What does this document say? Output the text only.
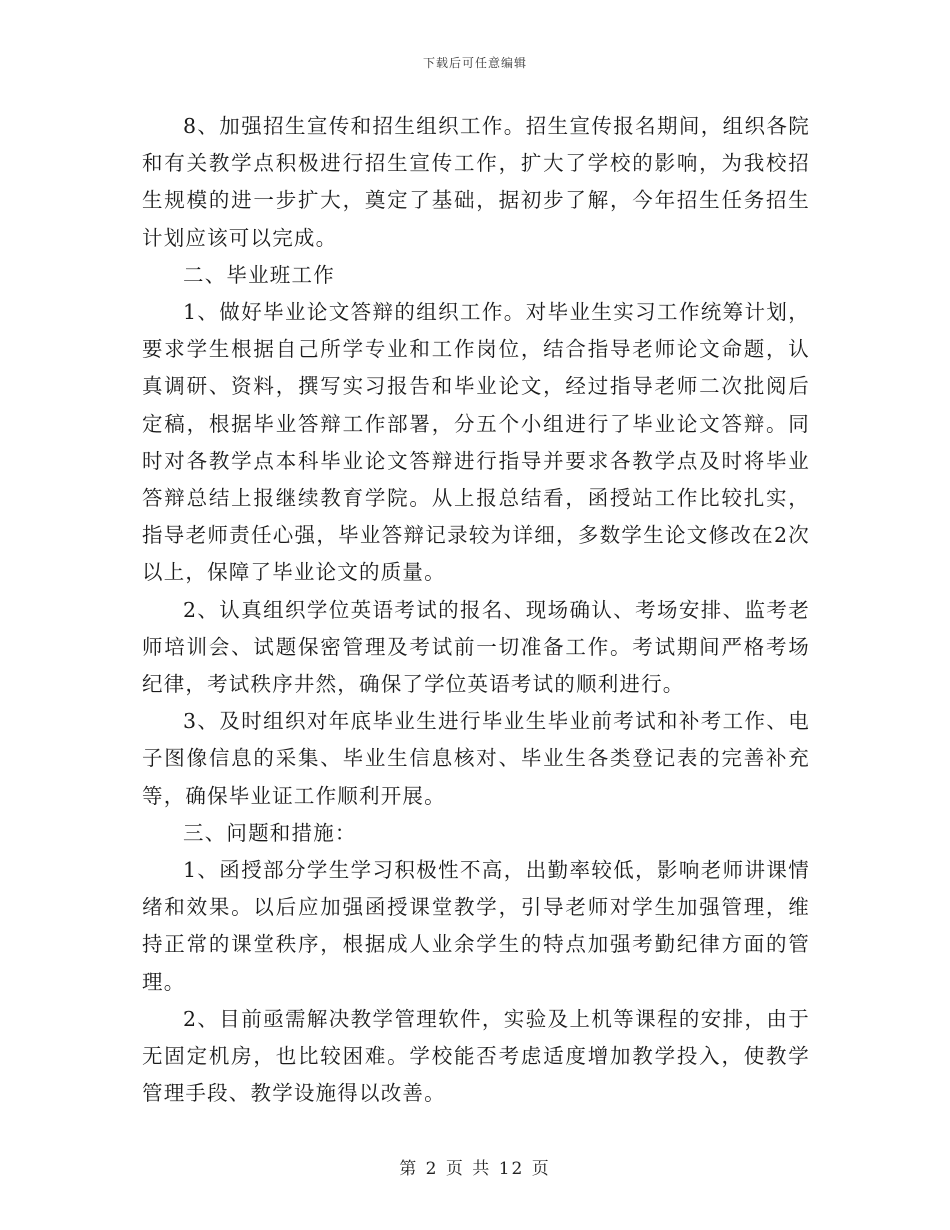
下载后可任意编辑

8、加强招生宣传和招生组织工作。招生宣传报名期间，组织各院和有关教学点积极进行招生宣传工作，扩大了学校的影响，为我校招生规模的进一步扩大，奠定了基础，据初步了解，今年招生任务招生计划应该可以完成。

二、毕业班工作

1、做好毕业论文答辩的组织工作。对毕业生实习工作统筹计划，要求学生根据自己所学专业和工作岗位，结合指导老师论文命题，认真调研、资料，撰写实习报告和毕业论文，经过指导老师二次批阅后定稿，根据毕业答辩工作部署，分五个小组进行了毕业论文答辩。同时对各教学点本科毕业论文答辩进行指导并要求各教学点及时将毕业答辩总结上报继续教育学院。从上报总结看，函授站工作比较扎实，指导老师责任心强，毕业答辩记录较为详细，多数学生论文修改在2次以上，保障了毕业论文的质量。

2、认真组织学位英语考试的报名、现场确认、考场安排、监考老师培训会、试题保密管理及考试前一切准备工作。考试期间严格考场纪律，考试秩序井然，确保了学位英语考试的顺利进行。

3、及时组织对年底毕业生进行毕业生毕业前考试和补考工作、电子图像信息的采集、毕业生信息核对、毕业生各类登记表的完善补充等，确保毕业证工作顺利开展。

三、问题和措施：

1、函授部分学生学习积极性不高，出勤率较低，影响老师讲课情绪和效果。以后应加强函授课堂教学，引导老师对学生加强管理，维持正常的课堂秩序，根据成人业余学生的特点加强考勤纪律方面的管理。

2、目前亟需解决教学管理软件，实验及上机等课程的安排，由于无固定机房，也比较困难。学校能否考虑适度增加教学投入，使教学管理手段、教学设施得以改善。

第 2 页 共 12 页
